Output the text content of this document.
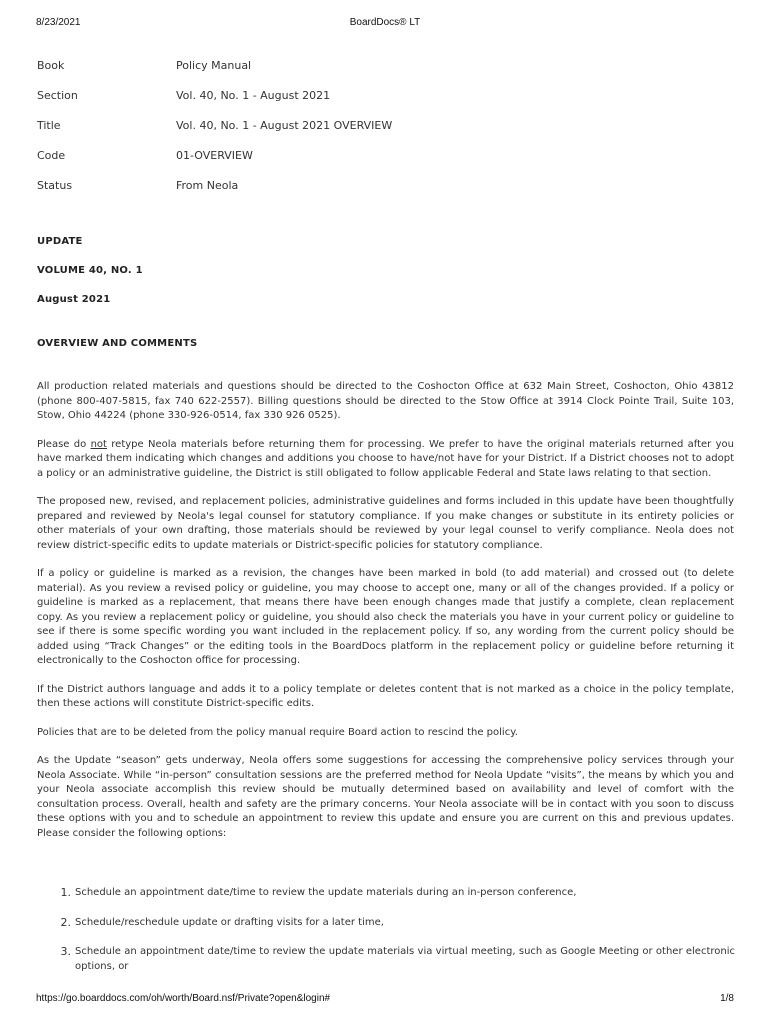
8/23/2021	BoardDocs® LT
Book	Policy Manual
Section	Vol. 40, No. 1 - August 2021
Title	Vol. 40, No. 1 - August 2021 OVERVIEW
Code	01-OVERVIEW
Status	From Neola
UPDATE
VOLUME 40, NO. 1
August 2021
OVERVIEW AND COMMENTS

All production related materials and questions should be directed to the Coshocton Office at 632 Main Street, Coshocton, Ohio 43812 (phone 800-407-5815, fax 740 622-2557). Billing questions should be directed to the Stow Office at 3914 Clock Pointe Trail, Suite 103, Stow, Ohio 44224 (phone 330-926-0514, fax 330 926 0525).

Please do not retype Neola materials before returning them for processing. We prefer to have the original materials returned after you have marked them indicating which changes and additions you choose to have/not have for your District. If a District chooses not to adopt a policy or an administrative guideline, the District is still obligated to follow applicable Federal and State laws relating to that section.

The proposed new, revised, and replacement policies, administrative guidelines and forms included in this update have been thoughtfully prepared and reviewed by Neola's legal counsel for statutory compliance. If you make changes or substitute in its entirety policies or other materials of your own drafting, those materials should be reviewed by your legal counsel to verify compliance. Neola does not review district-specific edits to update materials or District-specific policies for statutory compliance.

If a policy or guideline is marked as a revision, the changes have been marked in bold (to add material) and crossed out (to delete material). As you review a revised policy or guideline, you may choose to accept one, many or all of the changes provided. If a policy or guideline is marked as a replacement, that means there have been enough changes made that justify a complete, clean replacement copy. As you review a replacement policy or guideline, you should also check the materials you have in your current policy or guideline to see if there is some specific wording you want included in the replacement policy. If so, any wording from the current policy should be added using “Track Changes” or the editing tools in the BoardDocs platform in the replacement policy or guideline before returning it electronically to the Coshocton office for processing.

If the District authors language and adds it to a policy template or deletes content that is not marked as a choice in the policy template, then these actions will constitute District-specific edits.

Policies that are to be deleted from the policy manual require Board action to rescind the policy.

As the Update “season” gets underway, Neola offers some suggestions for accessing the comprehensive policy services through your Neola Associate. While “in-person” consultation sessions are the preferred method for Neola Update “visits”, the means by which you and your Neola associate accomplish this review should be mutually determined based on availability and level of comfort with the consultation process. Overall, health and safety are the primary concerns. Your Neola associate will be in contact with you soon to discuss these options with you and to schedule an appointment to review this update and ensure you are current on this and previous updates. Please consider the following options:

1. Schedule an appointment date/time to review the update materials during an in-person conference,
2. Schedule/reschedule update or drafting visits for a later time,
3. Schedule an appointment date/time to review the update materials via virtual meeting, such as Google Meeting or other electronic options, or
https://go.boarddocs.com/oh/worth/Board.nsf/Private?open&login#	1/8
